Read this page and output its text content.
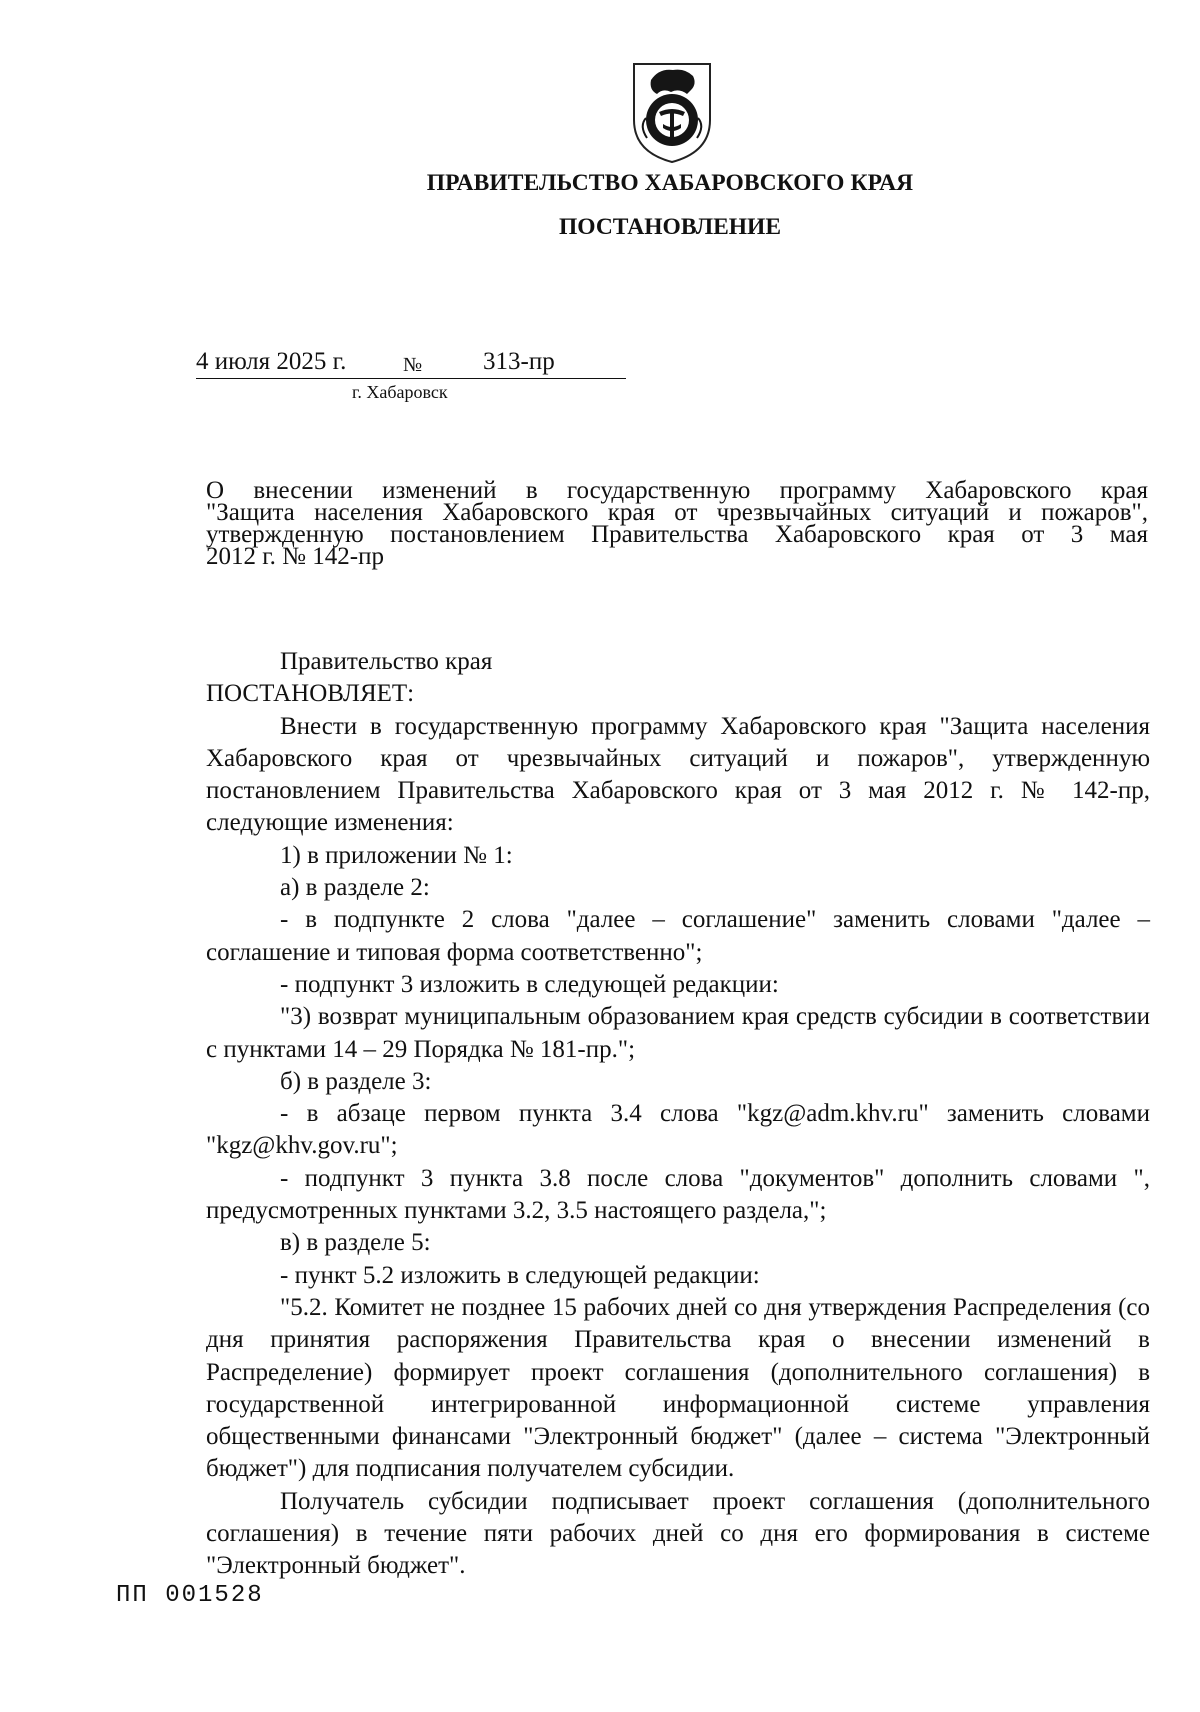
ПРАВИТЕЛЬСТВО ХАБАРОВСКОГО КРАЯ
ПОСТАНОВЛЕНИЕ
4 июля 2025 г.	№ 313-пр
г. Хабаровск
О внесении изменений в государственную программу Хабаровского края
"Защита населения Хабаровского края от чрезвычайных ситуаций и пожаров",
утвержденную постановлением Правительства Хабаровского края от 3 мая
2012 г. № 142-пр

Правительство края

ПОСТАНОВЛЯЕТ:

Внести в государственную программу Хабаровского края "Защита населения Хабаровского края от чрезвычайных ситуаций и пожаров", утвержденную постановлением Правительства Хабаровского края от 3 мая 2012 г. № 142-пр, следующие изменения:

1) в приложении № 1:

а) в разделе 2:

- в подпункте 2 слова "далее – соглашение" заменить словами "далее – соглашение и типовая форма соответственно";

- подпункт 3 изложить в следующей редакции:

"3) возврат муниципальным образованием края средств субсидии в соответствии с пунктами 14 – 29 Порядка № 181-пр.";

б) в разделе 3:

- в абзаце первом пункта 3.4 слова "kgz@adm.khv.ru" заменить словами "kgz@khv.gov.ru";

- подпункт 3 пункта 3.8 после слова "документов" дополнить словами ", предусмотренных пунктами 3.2, 3.5 настоящего раздела,";

в) в разделе 5:

- пункт 5.2 изложить в следующей редакции:

"5.2. Комитет не позднее 15 рабочих дней со дня утверждения Распределения (со дня принятия распоряжения Правительства края о внесении изменений в Распределение) формирует проект соглашения (дополнительного соглашения) в государственной интегрированной информационной системе управления общественными финансами "Электронный бюджет" (далее – система "Электронный бюджет") для подписания получателем субсидии.

Получатель субсидии подписывает проект соглашения (дополнительного соглашения) в течение пяти рабочих дней со дня его формирования в системе "Электронный бюджет".

ПП 001528
